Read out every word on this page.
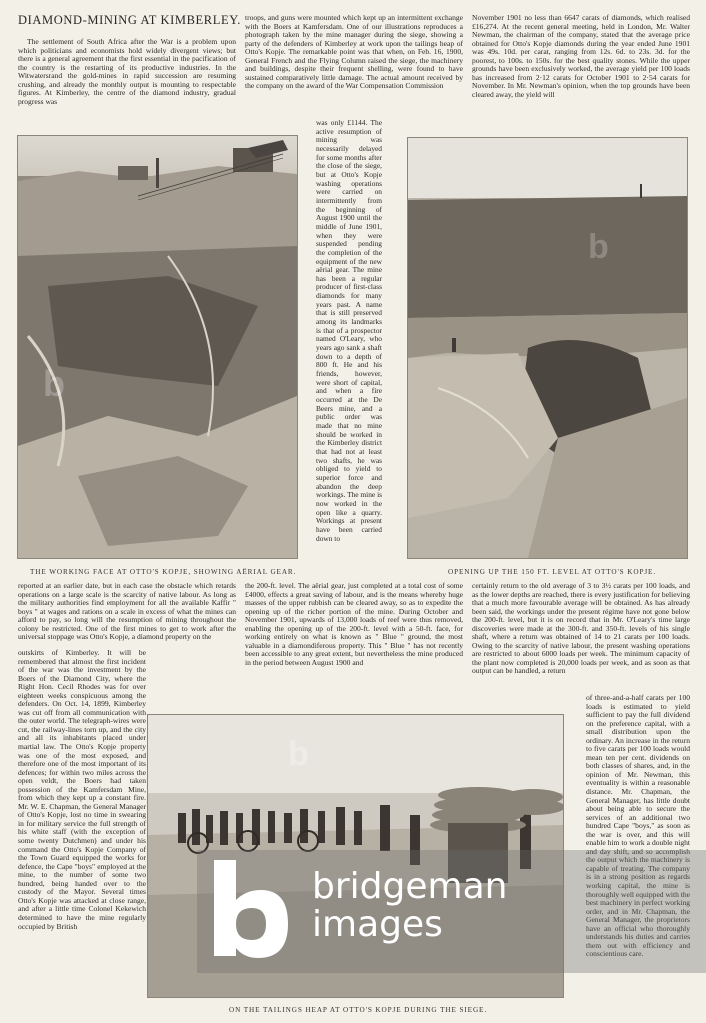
DIAMOND-MINING AT KIMBERLEY.

The settlement of South Africa after the War is a problem upon which politicians and economists hold widely divergent views; but there is a general agreement that the first essential in the pacification of the country is the restarting of its productive industries. In the Witwatersrand the gold-mines in rapid succession are resuming crushing, and already the monthly output is mounting to respectable figures. At Kimberley, the centre of the diamond industry, gradual progress was

troops, and guns were mounted which kept up an intermittent exchange with the Boers at Kamfersdam. One of our illustrations reproduces a photograph taken by the mine manager during the siege, showing a party of the defenders of Kimberley at work upon the tailings heap of Otto's Kopje. The remarkable point was that when, on Feb. 16, 1900, General French and the Flying Column raised the siege, the machinery and buildings, despite their frequent shelling, were found to have sustained comparatively little damage. The actual amount received by the company on the award of the War Compensation Commission

November 1901 no less than 6647 carats of diamonds, which realised £16,274. At the recent general meeting, held in London, Mr. Walter Newman, the chairman of the company, stated that the average price obtained for Otto's Kopje diamonds during the year ended June 1901 was 49s. 10d. per carat, ranging from 12s. 6d. to 23s. 3d. for the poorest, to 100s. to 150s. for the best quality stones. While the upper grounds have been exclusively worked, the average yield per 100 loads has increased from 2·12 carats for October 1901 to 2·54 carats for November. In Mr. Newman's opinion, when the top grounds have been cleared away, the yield will

was only £1144. The active resumption of mining was necessarily delayed for some months after the close of the siege, but at Otto's Kopje washing operations were carried on intermittently from the beginning of August 1900 until the middle of June 1901, when they were suspended pending the completion of the equipment of the new aërial gear. The mine has been a regular producer of first-class diamonds for many years past. A name that is still preserved among its landmarks is that of a prospector named O'Leary, who years ago sank a shaft down to a depth of 800 ft. He and his friends, however, were short of capital, and when a fire occurred at the De Beers mine, and a public order was made that no mine should be worked in the Kimberley district that had not at least two shafts, he was obliged to yield to superior force and abandon the deep workings. The mine is now worked in the open like a quarry. Workings at present have been carried down to

b
THE WORKING FACE AT OTTO'S KOPJE, SHOWING AËRIAL GEAR.
b
OPENING UP THE 150 FT. LEVEL AT OTTO'S KOPJE.

reported at an earlier date, but in each case the obstacle which retards operations on a large scale is the scarcity of native labour. As long as the military authorities find employment for all the available Kaffir " boys " at wages and rations on a scale in excess of what the mines can afford to pay, so long will the resumption of mining throughout the colony be restricted. One of the first mines to get to work after the universal stoppage was Otto's Kopje, a diamond property on the

outskirts of Kimberley. It will be remembered that almost the first incident of the war was the investment by the Boers of the Diamond City, where the Right Hon. Cecil Rhodes was for over eighteen weeks conspicuous among the defenders. On Oct. 14, 1899, Kimberley was cut off from all communication with the outer world. The telegraph-wires were cut, the railway-lines torn up, and the city and all its inhabitants placed under martial law. The Otto's Kopje property was one of the most exposed, and therefore one of the most important of its defences; for within two miles across the open veldt, the Boers had taken possession of the Kamfersdam Mine, from which they kept up a constant fire. Mr. W. E. Chapman, the General Manager of Otto's Kopje, lost no time in swearing in for military service the full strength of his white staff (with the exception of some twenty Dutchmen) and under his command the Otto's Kopje Company of the Town Guard equipped the works for defence, the Cape "boys" employed at the mine, to the number of some two hundred, being handed over to the custody of the Mayor. Several times Otto's Kopje was attacked at close range, and after a little time Colonel Kekewich determined to have the mine regularly occupied by British

the 200-ft. level. The aërial gear, just completed at a total cost of some £4000, effects a great saving of labour, and is the means whereby huge masses of the upper rubbish can be cleared away, so as to expedite the opening up of the richer portion of the mine. During October and November 1901, upwards of 13,000 loads of reef were thus removed, enabling the opening up of the 200-ft. level with a 50-ft. face, for working entirely on what is known as " Blue " ground, the most valuable in a diamondiferous property. This " Blue " has not recently been accessible to any great extent, but nevertheless the mine produced in the period between August 1900 and

certainly return to the old average of 3 to 3½ carats per 100 loads, and as the lower depths are reached, there is every justification for believing that a much more favourable average will be obtained. As has already been said, the workings under the present régime have not gone below the 200-ft. level, but it is on record that in Mr. O'Leary's time large discoveries were made at the 300-ft. and 350-ft. levels of his single shaft, where a return was obtained of 14 to 21 carats per 100 loads. Owing to the scarcity of native labour, the present washing operations are restricted to about 6000 loads per week. The minimum capacity of the plant now completed is 20,000 loads per week, and as soon as that output can be handled, a return

of three-and-a-half carats per 100 loads is estimated to yield sufficient to pay the full dividend on the preference capital, with a small distribution upon the ordinary. An increase in the return to five carats per 100 loads would mean ten per cent. dividends on both classes of shares, and, in the opinion of Mr. Newman, this eventuality is within a reasonable distance. Mr. Chapman, the General Manager, has little doubt about being able to secure the services of an additional two hundred Cape "boys," as soon as the war is over, and this will enable him to work a double night and day shift, and so accomplish the output which the machinery is capable of treating. The company is in a strong position as regards working capital, the mine is thoroughly well equipped with the best machinery in perfect working order, and in Mr. Chapman, the General Manager, the proprietors have an official who thoroughly understands his duties and carries them out with efficiency and conscientious care.

b
ON THE TAILINGS HEAP AT OTTO'S KOPJE DURING THE SIEGE.
bridgeman
images
